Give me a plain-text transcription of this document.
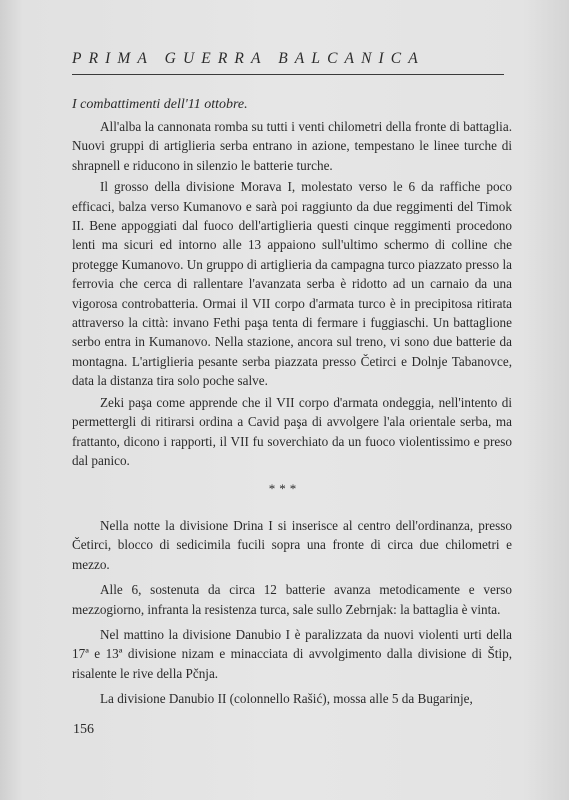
PRIMA GUERRA BALCANICA
I combattimenti dell'11 ottobre.

All'alba la cannonata romba su tutti i venti chilometri della fronte di battaglia. Nuovi gruppi di artiglieria serba entrano in azione, tempestano le linee turche di shrapnell e riducono in silenzio le batterie turche.

Il grosso della divisione Morava I, molestato verso le 6 da raffiche poco efficaci, balza verso Kumanovo e sarà poi raggiunto da due reggimenti del Timok II. Bene appoggiati dal fuoco dell'artiglieria questi cinque reggimenti procedono lenti ma sicuri ed intorno alle 13 appaiono sull'ultimo schermo di colline che protegge Kumanovo. Un gruppo di artiglieria da campagna turco piazzato presso la ferrovia che cerca di rallentare l'avanzata serba è ridotto ad un carnaio da una vigorosa controbatteria. Ormai il VII corpo d'armata turco è in precipitosa ritirata attraverso la città: invano Fethi paşa tenta di fermare i fuggiaschi. Un battaglione serbo entra in Kumanovo. Nella stazione, ancora sul treno, vi sono due batterie da montagna. L'artiglieria pesante serba piazzata presso Četirci e Dolnje Tabanovce, data la distanza tira solo poche salve.

Zeki paşa come apprende che il VII corpo d'armata ondeggia, nell'intento di permettergli di ritirarsi ordina a Cavid paşa di avvolgere l'ala orientale serba, ma frattanto, dicono i rapporti, il VII fu soverchiato da un fuoco violentissimo e preso dal panico.

***

Nella notte la divisione Drina I si inserisce al centro dell'ordinanza, presso Četirci, blocco di sedicimila fucili sopra una fronte di circa due chilometri e mezzo.

Alle 6, sostenuta da circa 12 batterie avanza metodicamente e verso mezzogiorno, infranta la resistenza turca, sale sullo Zebrnjak: la battaglia è vinta.

Nel mattino la divisione Danubio I è paralizzata da nuovi violenti urti della 17ª e 13ª divisione nizam e minacciata di avvolgimento dalla divisione di Štip, risalente le rive della Pčnja.

La divisione Danubio II (colonnello Rašić), mossa alle 5 da Bugarinje,

156
